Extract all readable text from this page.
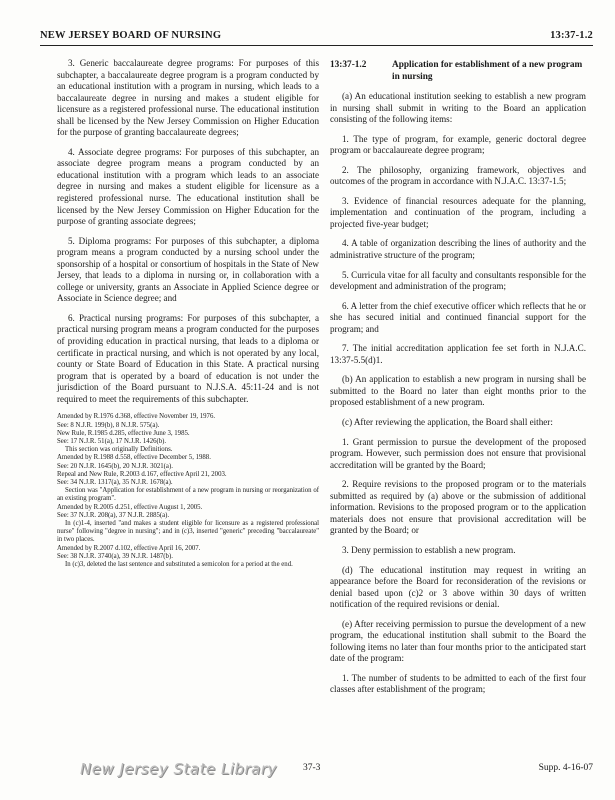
NEW JERSEY BOARD OF NURSING	13:37-1.2

3. Generic baccalaureate degree programs: For purposes of this subchapter, a baccalaureate degree program is a program conducted by an educational institution with a program in nursing, which leads to a baccalaureate degree in nursing and makes a student eligible for licensure as a registered professional nurse. The educational institution shall be licensed by the New Jersey Commission on Higher Education for the purpose of granting baccalaureate degrees;

4. Associate degree programs: For purposes of this subchapter, an associate degree program means a program conducted by an educational institution with a program which leads to an associate degree in nursing and makes a student eligible for licensure as a registered professional nurse. The educational institution shall be licensed by the New Jersey Commission on Higher Education for the purpose of granting associate degrees;

5. Diploma programs: For purposes of this subchapter, a diploma program means a program conducted by a nursing school under the sponsorship of a hospital or consortium of hospitals in the State of New Jersey, that leads to a diploma in nursing or, in collaboration with a college or university, grants an Associate in Applied Science degree or Associate in Science degree; and

6. Practical nursing programs: For purposes of this subchapter, a practical nursing program means a program conducted for the purposes of providing education in practical nursing, that leads to a diploma or certificate in practical nursing, and which is not operated by any local, county or State Board of Education in this State. A practical nursing program that is operated by a board of education is not under the jurisdiction of the Board pursuant to N.J.S.A. 45:11-24 and is not required to meet the requirements of this subchapter.

Amended by R.1976 d.368, effective November 19, 1976.

See: 8 N.J.R. 199(b), 8 N.J.R. 575(a).

New Rule, R.1985 d.285, effective June 3, 1985.

See: 17 N.J.R. 51(a), 17 N.J.R. 1426(b).

This section was originally Definitions.

Amended by R.1988 d.558, effective December 5, 1988.

See: 20 N.J.R. 1645(b), 20 N.J.R. 3021(a).

Repeal and New Rule, R.2003 d.167, effective April 21, 2003.

See: 34 N.J.R. 1317(a), 35 N.J.R. 1678(a).

Section was "Application for establishment of a new program in nursing or reorganization of an existing program".

Amended by R.2005 d.251, effective August 1, 2005.

See: 37 N.J.R. 208(a), 37 N.J.R. 2885(a).

In (c)1-4, inserted "and makes a student eligible for licensure as a registered professional nurse" following "degree in nursing"; and in (c)3, inserted "generic" preceding "baccalaureate" in two places.

Amended by R.2007 d.102, effective April 16, 2007.

See: 38 N.J.R. 3740(a), 39 N.J.R. 1487(b).

In (c)3, deleted the last sentence and substituted a semicolon for a period at the end.

13:37-1.2	Application for establishment of a new program in nursing

(a) An educational institution seeking to establish a new program in nursing shall submit in writing to the Board an application consisting of the following items:

1. The type of program, for example, generic doctoral degree program or baccalaureate degree program;

2. The philosophy, organizing framework, objectives and outcomes of the program in accordance with N.J.A.C. 13:37-1.5;

3. Evidence of financial resources adequate for the planning, implementation and continuation of the program, including a projected five-year budget;

4. A table of organization describing the lines of authority and the administrative structure of the program;

5. Curricula vitae for all faculty and consultants responsible for the development and administration of the program;

6. A letter from the chief executive officer which reflects that he or she has secured initial and continued financial support for the program; and

7. The initial accreditation application fee set forth in N.J.A.C. 13:37-5.5(d)1.

(b) An application to establish a new program in nursing shall be submitted to the Board no later than eight months prior to the proposed establishment of a new program.

(c) After reviewing the application, the Board shall either:

1. Grant permission to pursue the development of the proposed program. However, such permission does not ensure that provisional accreditation will be granted by the Board;

2. Require revisions to the proposed program or to the materials submitted as required by (a) above or the submission of additional information. Revisions to the proposed program or to the application materials does not ensure that provisional accreditation will be granted by the Board; or

3. Deny permission to establish a new program.

(d) The educational institution may request in writing an appearance before the Board for reconsideration of the revisions or denial based upon (c)2 or 3 above within 30 days of written notification of the required revisions or denial.

(e) After receiving permission to pursue the development of a new program, the educational institution shall submit to the Board the following items no later than four months prior to the anticipated start date of the program:

1. The number of students to be admitted to each of the first four classes after establishment of the program;

New Jersey State Library	37-3	Supp. 4-16-07
